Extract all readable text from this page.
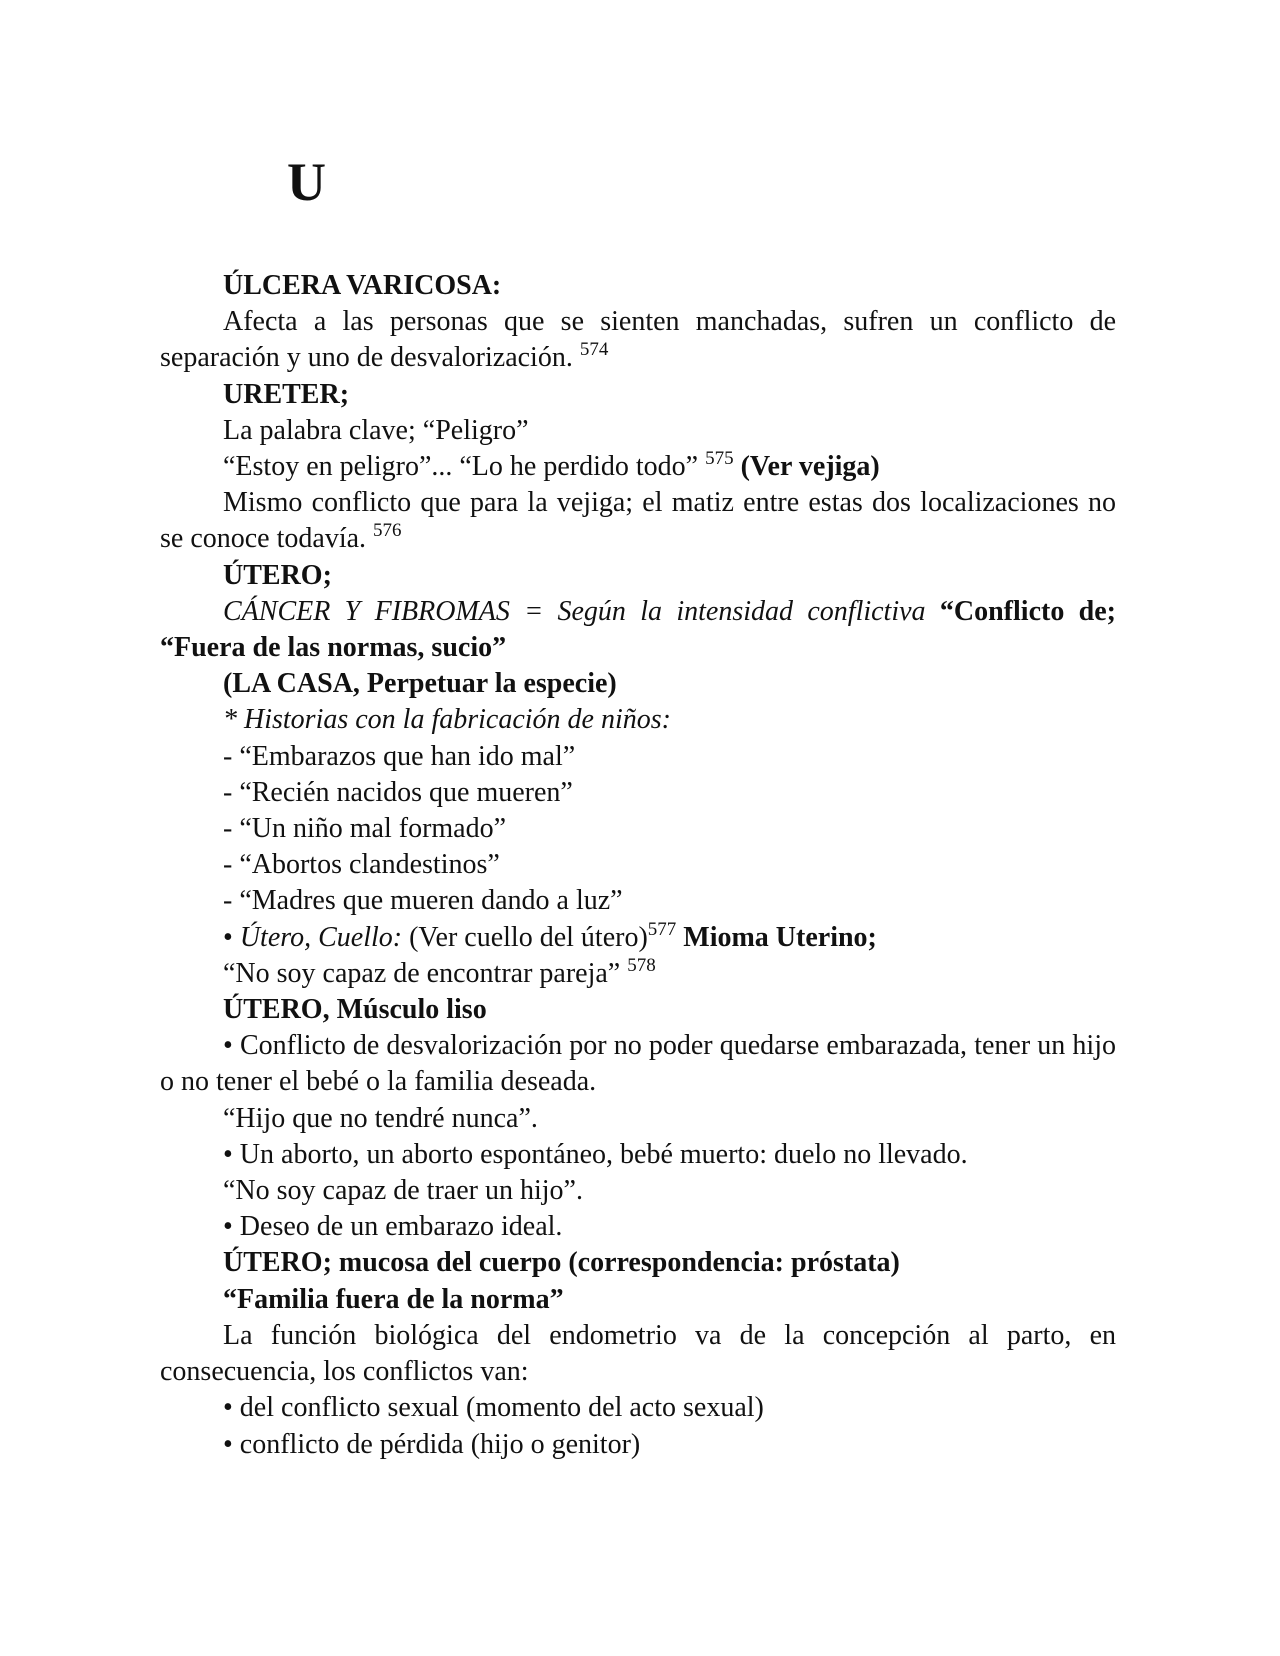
U

ÚLCERA VARICOSA:

Afecta a las personas que se sienten manchadas, sufren un conflicto de separación y uno de desvalorización. $^{574}$

URETER;

La palabra clave; “Peligro”

“Estoy en peligro”... “Lo he perdido todo” $^{575}$ (Ver vejiga)

Mismo conflicto que para la vejiga; el matiz entre estas dos localizaciones no se conoce todavía. $^{576}$

ÚTERO;

CÁNCER Y FIBROMAS = Según la intensidad conflictiva “Conflicto de; “Fuera de las normas, sucio”

(LA CASA, Perpetuar la especie)

* Historias con la fabricación de niños:

- “Embarazos que han ido mal”

- “Recién nacidos que mueren”

- “Un niño mal formado”

- “Abortos clandestinos”

- “Madres que mueren dando a luz”

• Útero, Cuello: (Ver cuello del útero)$^{577}$ Mioma Uterino;

“No soy capaz de encontrar pareja” $^{578}$

ÚTERO, Músculo liso

• Conflicto de desvalorización por no poder quedarse embarazada, tener un hijo o no tener el bebé o la familia deseada.

“Hijo que no tendré nunca”.

• Un aborto, un aborto espontáneo, bebé muerto: duelo no llevado.

“No soy capaz de traer un hijo”.

• Deseo de un embarazo ideal.

ÚTERO; mucosa del cuerpo (correspondencia: próstata)

“Familia fuera de la norma”

La función biológica del endometrio va de la concepción al parto, en consecuencia, los conflictos van:

• del conflicto sexual (momento del acto sexual)

• conflicto de pérdida (hijo o genitor)
